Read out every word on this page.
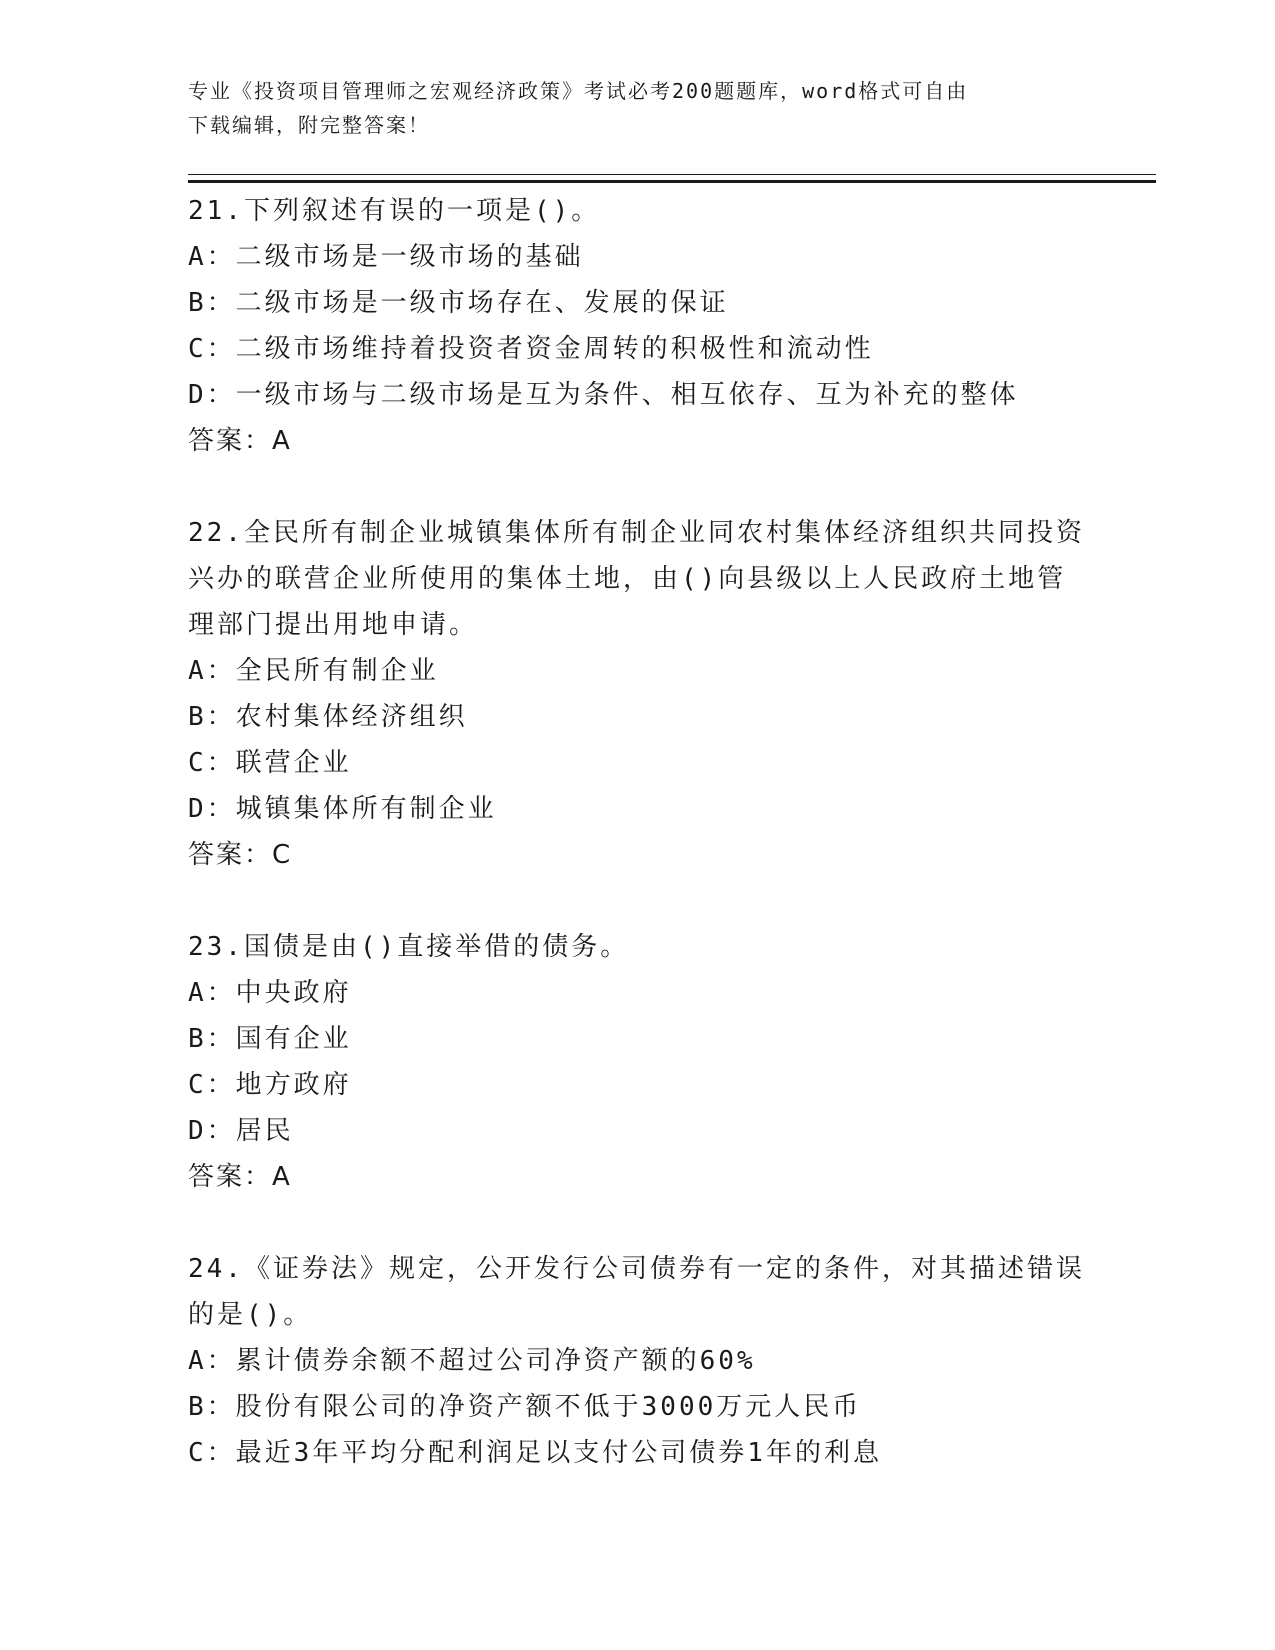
专业《投资项目管理师之宏观经济政策》考试必考200题题库，word格式可自由
下载编辑，附完整答案！

21.下列叙述有误的一项是()。

A：二级市场是一级市场的基础

B：二级市场是一级市场存在、发展的保证

C：二级市场维持着投资者资金周转的积极性和流动性

D：一级市场与二级市场是互为条件、相互依存、互为补充的整体

答案：A

22.全民所有制企业城镇集体所有制企业同农村集体经济组织共同投资

兴办的联营企业所使用的集体土地，由()向县级以上人民政府土地管

理部门提出用地申请。

A：全民所有制企业

B：农村集体经济组织

C：联营企业

D：城镇集体所有制企业

答案：C

23.国债是由()直接举借的债务。

A：中央政府

B：国有企业

C：地方政府

D：居民

答案：A

24.《证券法》规定，公开发行公司债券有一定的条件，对其描述错误

的是()。

A：累计债券余额不超过公司净资产额的60%

B：股份有限公司的净资产额不低于3000万元人民币

C：最近3年平均分配利润足以支付公司债券1年的利息
